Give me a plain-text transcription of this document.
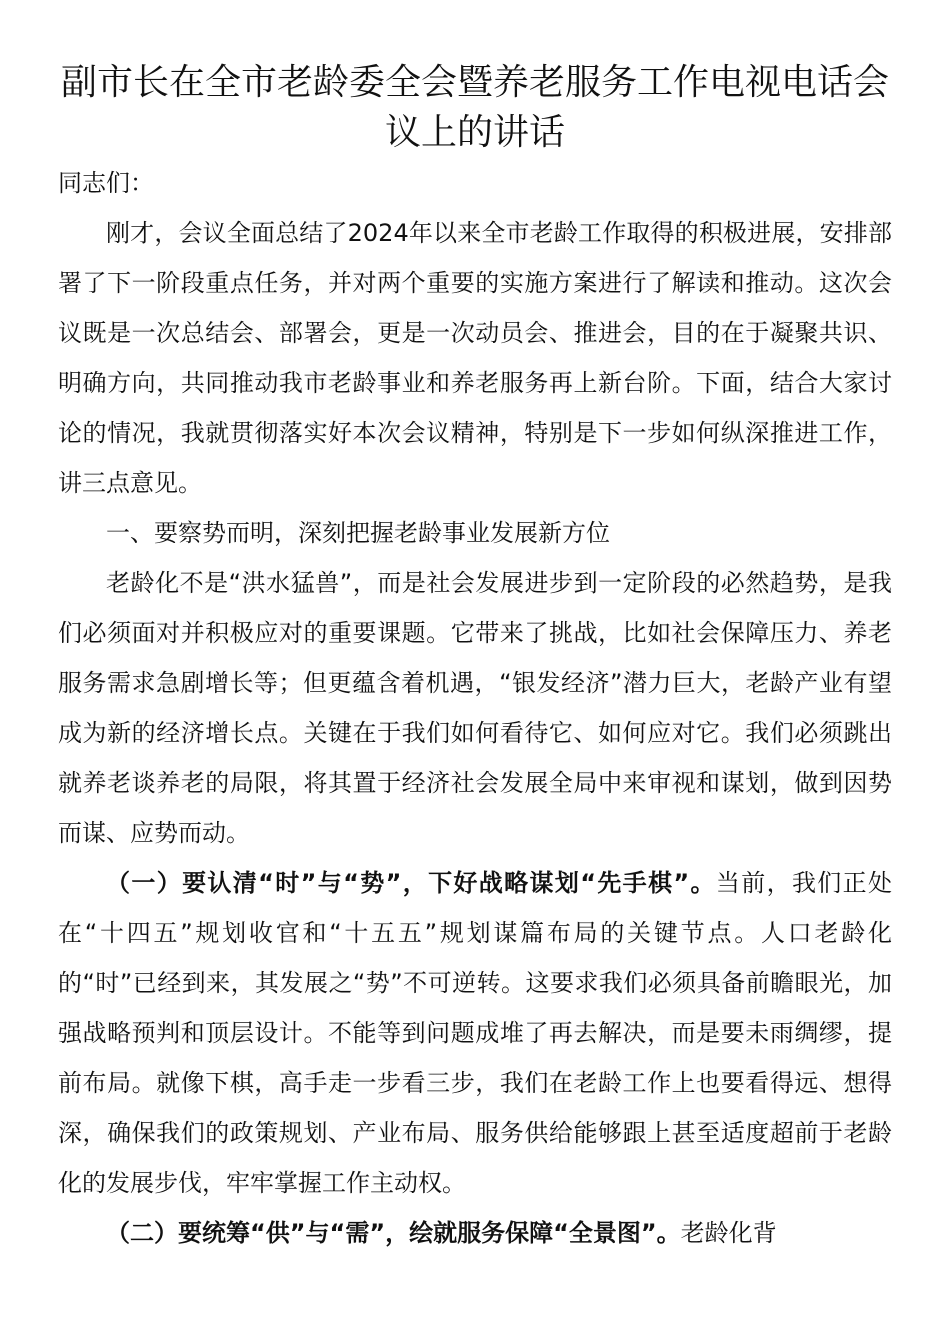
副市长在全市老龄委全会暨养老服务工作电视电话会议上的讲话

同志们：

刚才，会议全面总结了2024年以来全市老龄工作取得的积极进展，安排部署了下一阶段重点任务，并对两个重要的实施方案进行了解读和推动。这次会议既是一次总结会、部署会，更是一次动员会、推进会，目的在于凝聚共识、明确方向，共同推动我市老龄事业和养老服务再上新台阶。下面，结合大家讨论的情况，我就贯彻落实好本次会议精神，特别是下一步如何纵深推进工作，讲三点意见。

一、要察势而明，深刻把握老龄事业发展新方位

老龄化不是“洪水猛兽”，而是社会发展进步到一定阶段的必然趋势，是我们必须面对并积极应对的重要课题。它带来了挑战，比如社会保障压力、养老服务需求急剧增长等；但更蕴含着机遇，“银发经济”潜力巨大，老龄产业有望成为新的经济增长点。关键在于我们如何看待它、如何应对它。我们必须跳出就养老谈养老的局限，将其置于经济社会发展全局中来审视和谋划，做到因势而谋、应势而动。

（一）要认清“时”与“势”，下好战略谋划“先手棋”。当前，我们正处在“十四五”规划收官和“十五五”规划谋篇布局的关键节点。人口老龄化的“时”已经到来，其发展之“势”不可逆转。这要求我们必须具备前瞻眼光，加强战略预判和顶层设计。不能等到问题成堆了再去解决，而是要未雨绸缪，提前布局。就像下棋，高手走一步看三步，我们在老龄工作上也要看得远、想得深，确保我们的政策规划、产业布局、服务供给能够跟上甚至适度超前于老龄化的发展步伐，牢牢掌握工作主动权。

（二）要统筹“供”与“需”，绘就服务保障“全景图”。老龄化背
